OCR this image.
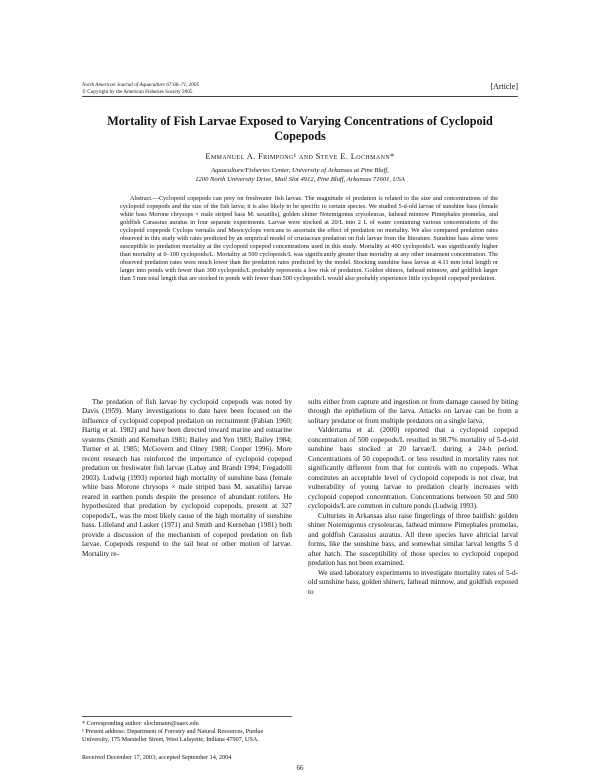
North American Journal of Aquaculture 67:66–71, 2005
© Copyright by the American Fisheries Society 2005
[Article]
Mortality of Fish Larvae Exposed to Varying Concentrations of Cyclopoid Copepods
Emmanuel A. Frimpong¹ and Steve E. Lochmann*
Aquaculture/Fisheries Center, University of Arkansas at Pine Bluff,
1200 North University Drive, Mail Slot 4912, Pine Bluff, Arkansas 71601, USA
Abstract.—Cyclopoid copepods can prey on freshwater fish larvae. The magnitude of predation is related to the size and concentrations of the cyclopoid copepods and the size of the fish larva; it is also likely to be specific to certain species. We studied 5-d-old larvae of sunshine bass (female white bass Morone chrysops × male striped bass M. saxatilis), golden shiner Notemigonus crysoleucas, fathead minnow Pimephales promelas, and goldfish Carassius auratus in four separate experiments. Larvae were stocked at 20/L into 2 L of water containing various concentrations of the cyclopoid copepods Cyclops vernalis and Mesocyclops vericans to ascertain the effect of predation on mortality. We also compared predation rates observed in this study with rates predicted by an empirical model of crustacean predation on fish larvae from the literature. Sunshine bass alone were susceptible to predation mortality at the cyclopoid copepod concentrations used in this study. Mortality at 400 cyclopoids/L was significantly higher than mortality at 0–100 cyclopoids/L. Mortality at 500 cyclopoids/L was significantly greater than mortality at any other treatment concentration. The observed predation rates were much lower than the predation rates predicted by the model. Stocking sunshine bass larvae at 4.11 mm total length or larger into ponds with fewer than 300 cyclopoids/L probably represents a low risk of predation. Golden shiners, fathead minnow, and goldfish larger than 5 mm total length that are stocked in ponds with fewer than 500 cyclopoids/L would also probably experience little cyclopoid copepod predation.

The predation of fish larvae by cyclopoid copepods was noted by Davis (1959). Many investigations to date have been focused on the influence of cyclopoid copepod predation on recruitment (Fabian 1960; Hartig et al. 1982) and have been directed toward marine and estuarine systems (Smith and Kernehan 1981; Bailey and Yen 1983; Bailey 1984; Turner et al. 1985; McGovern and Olney 1988; Cooper 1996). More recent research has reinforced the importance of cyclopoid copepod predation on freshwater fish larvae (Labay and Brandt 1994; Fregadolli 2003). Ludwig (1993) reported high mortality of sunshine bass (female white bass Morone chrysops × male striped bass M. saxatilis) larvae reared in earthen ponds despite the presence of abundant rotifers. He hypothesized that predation by cyclopoid copepods, present at 327 copepods/L, was the most likely cause of the high mortality of sunshine bass. Lilleland and Lasker (1971) and Smith and Kernehan (1981) both provide a discussion of the mechanism of copepod predation on fish larvae. Copepods respond to the tail beat or other motion of larvae. Mortality re-

sults either from capture and ingestion or from damage caused by biting through the epithelium of the larva. Attacks on larvae can be from a solitary predator or from multiple predators on a single larva.

Valderrama et al. (2000) reported that a cyclopoid copepod concentration of 500 copepods/L resulted in 98.7% mortality of 5-d-old sunshine bass stocked at 20 larvae/L during a 24-h period. Concentrations of 50 copepods/L or less resulted in mortality rates not significantly different from that for controls with no copepods. What constitutes an acceptable level of cyclopoid copepods is not clear, but vulnerability of young larvae to predation clearly increases with cyclopoid copepod concentration. Concentrations between 50 and 500 cyclopoids/L are common in culture ponds (Ludwig 1993).

Culturists in Arkansas also raise fingerlings of three baitfish: golden shiner Notemigonus crysoleucas, fathead minnow Pimephales promelas, and goldfish Carassius auratus. All three species have altricial larval forms, like the sunshine bass, and somewhat similar larval lengths 5 d after hatch. The susceptibility of those species to cyclopoid copepod predation has not been examined.

We used laboratory experiments to investigate mortality rates of 5-d-old sunshine bass, golden shiners, fathead minnow, and goldfish exposed to

* Corresponding author: slochmann@uaex.edu
¹ Present address: Department of Forestry and Natural Resources, Purdue University, 175 Marsteller Street, West Lafayette, Indiana 47907, USA.
Received December 17, 2003; accepted September 14, 2004
66
